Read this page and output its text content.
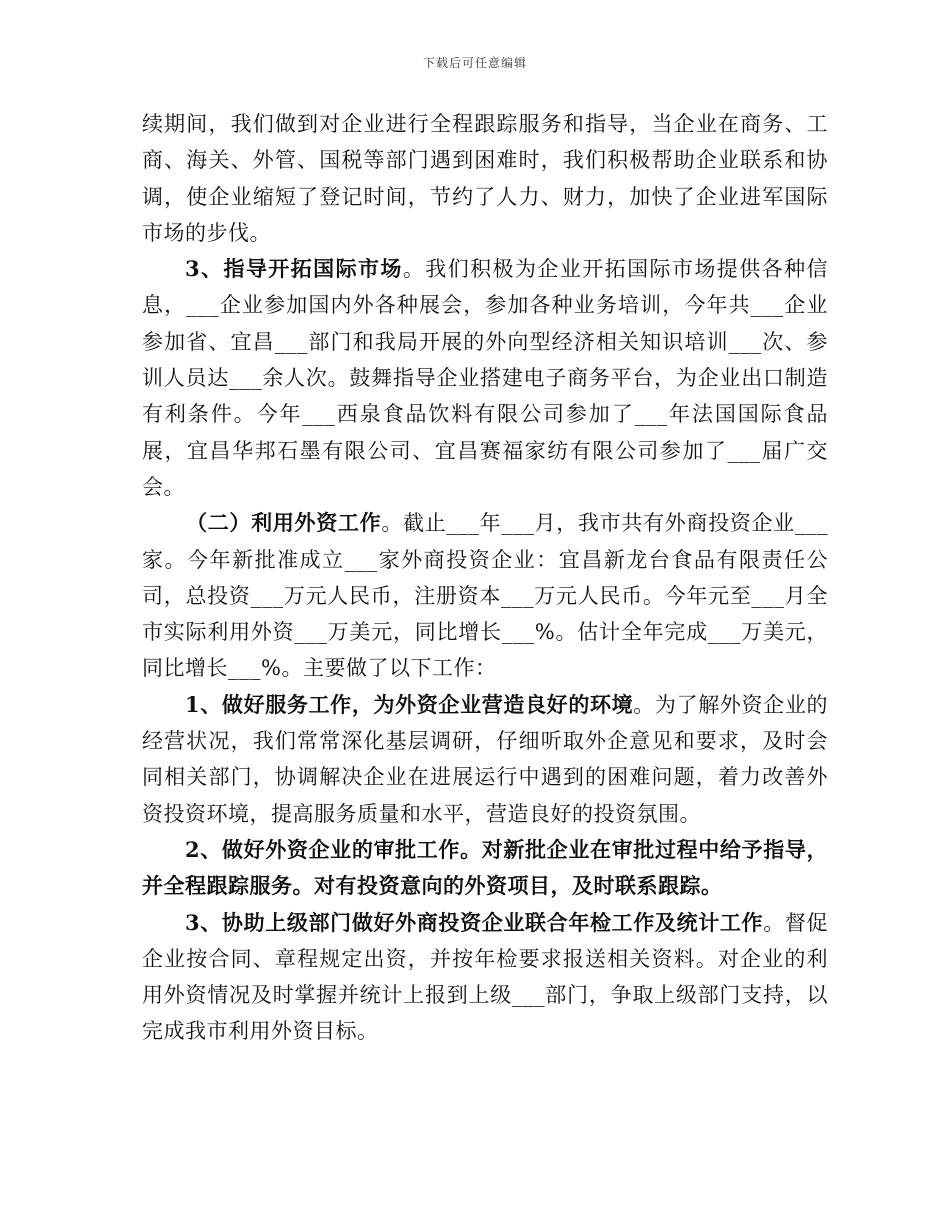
下载后可任意编辑

续期间，我们做到对企业进行全程跟踪服务和指导，当企业在商务、工商、海关、外管、国税等部门遇到困难时，我们积极帮助企业联系和协调，使企业缩短了登记时间，节约了人力、财力，加快了企业进军国际市场的步伐。

3、指导开拓国际市场。我们积极为企业开拓国际市场提供各种信息，___企业参加国内外各种展会，参加各种业务培训，今年共___企业参加省、宜昌___部门和我局开展的外向型经济相关知识培训___次、参训人员达___余人次。鼓舞指导企业搭建电子商务平台，为企业出口制造有利条件。今年___西泉食品饮料有限公司参加了___年法国国际食品展，宜昌华邦石墨有限公司、宜昌赛福家纺有限公司参加了___届广交会。

（二）利用外资工作。截止___年___月，我市共有外商投资企业___家。今年新批准成立___家外商投资企业：宜昌新龙台食品有限责任公司，总投资___万元人民币，注册资本___万元人民币。今年元至___月全市实际利用外资___万美元，同比增长___%。估计全年完成___万美元，同比增长___%。主要做了以下工作：

1、做好服务工作，为外资企业营造良好的环境。为了解外资企业的经营状况，我们常常深化基层调研，仔细听取外企意见和要求，及时会同相关部门，协调解决企业在进展运行中遇到的困难问题，着力改善外资投资环境，提高服务质量和水平，营造良好的投资氛围。

2、做好外资企业的审批工作。对新批企业在审批过程中给予指导，并全程跟踪服务。对有投资意向的外资项目，及时联系跟踪。

3、协助上级部门做好外商投资企业联合年检工作及统计工作。督促企业按合同、章程规定出资，并按年检要求报送相关资料。对企业的利用外资情况及时掌握并统计上报到上级___部门，争取上级部门支持，以完成我市利用外资目标。
